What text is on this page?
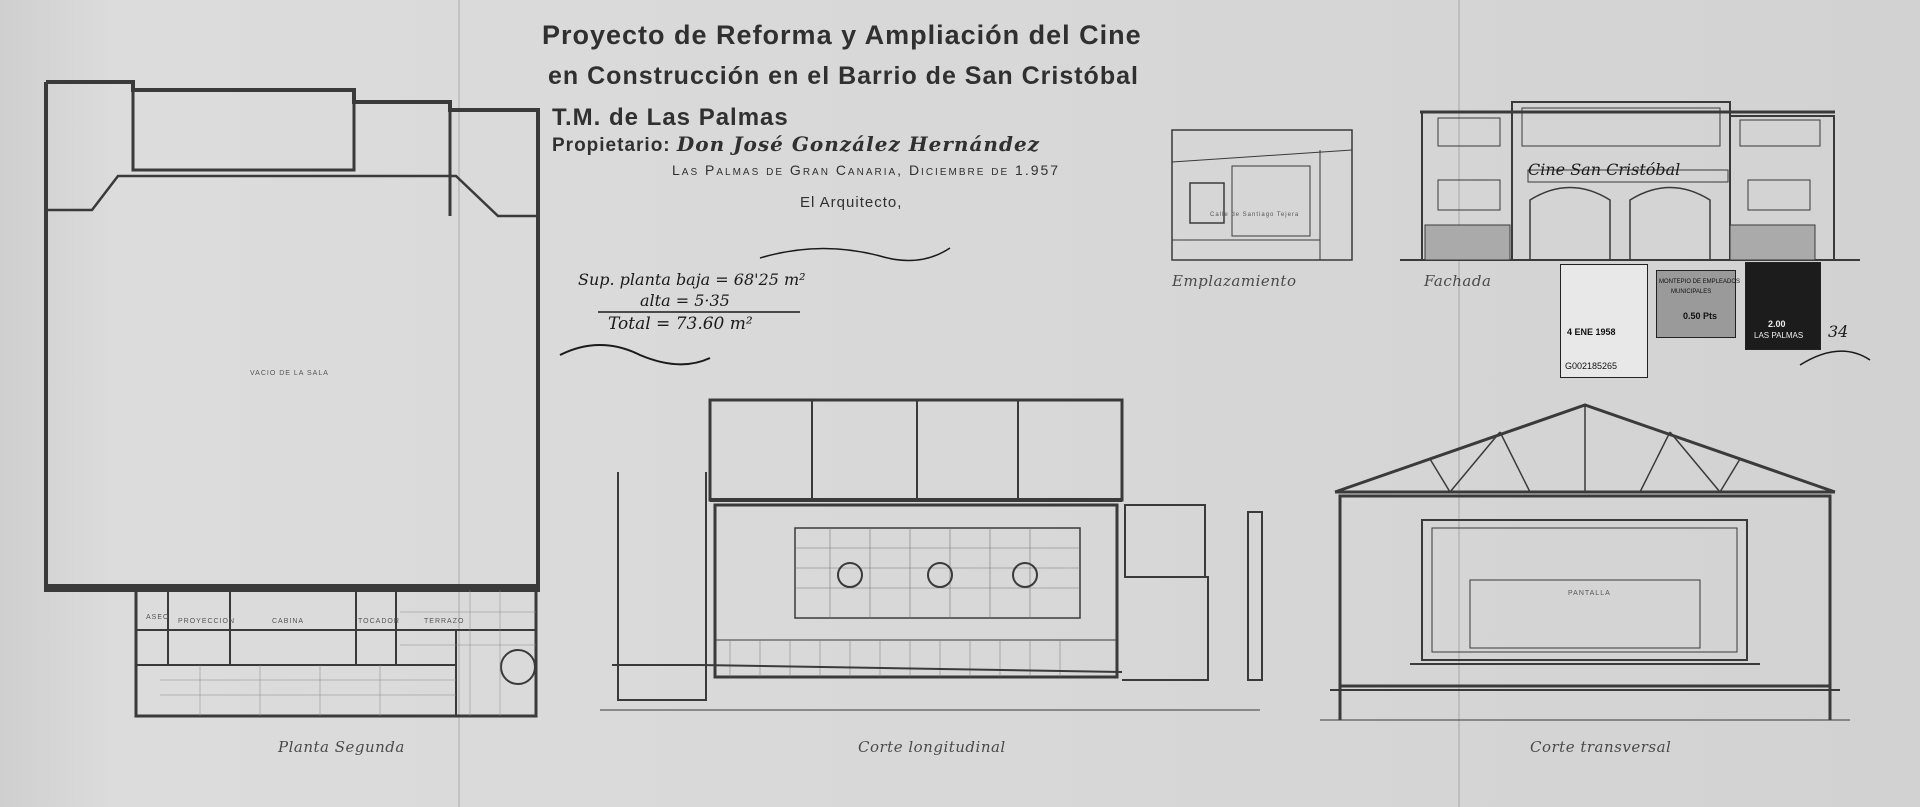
Proyecto de Reforma y Ampliación del Cine
en Construcción en el Barrio de San Cristóbal
T.M. de Las Palmas
Propietario: Don José González Hernández
Las Palmas de Gran Canaria, Diciembre de 1.957
El Arquitecto,
Sup. planta baja = 68'25 m²
alta = 5·35
Total = 73.60 m²
Planta Segunda	Corte longitudinal	Corte transversal
Emplazamiento	Fachada
VACIO DE LA SALA
ASEO
PROYECCION	CABINA	TOCADOR	TERRAZO
PANTALLA
Calle de Santiago Tejera
Cine San Cristóbal
4 ENE 1958
G002185265
MONTEPIO DE EMPLEADOS
MUNICIPALES
0.50 Pts
2.00
LAS PALMAS 34
